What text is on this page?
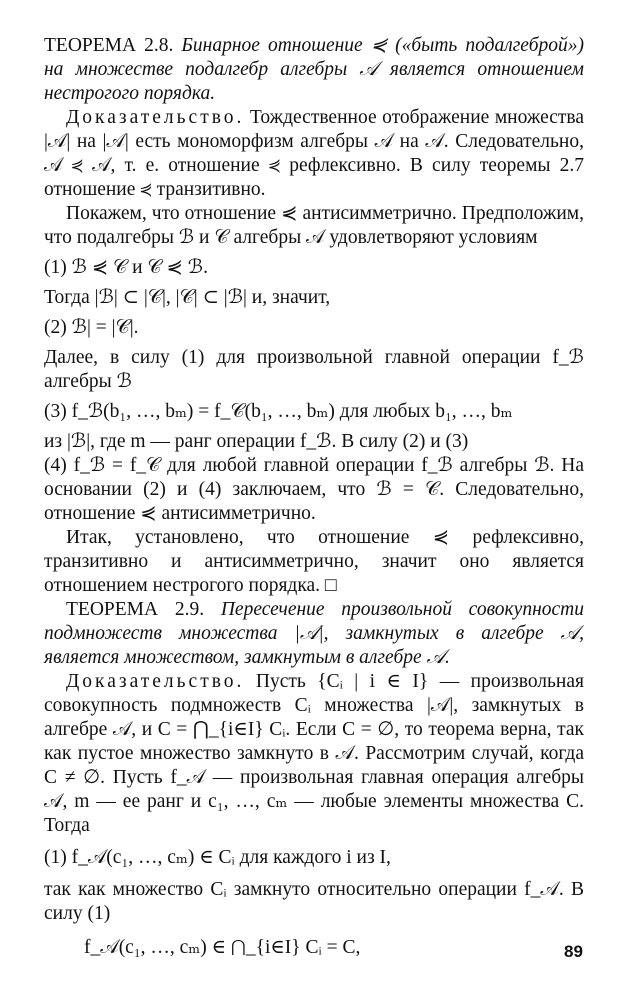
ТЕОРЕМА 2.8. Бинарное отношение ⋞ («быть подалгеброй») на множестве подалгебр алгебры 𝒜 является отношением нестрогого порядка.

Доказательство. Тождественное отображение множества |𝒜| на |𝒜| есть мономорфизм алгебры 𝒜 на 𝒜. Следовательно, 𝒜 ⋞ 𝒜, т. е. отношение ⋞ рефлексивно. В силу теоремы 2.7 отношение ⋞ транзитивно.

Покажем, что отношение ⋞ антисимметрично. Предположим, что подалгебры ℬ и 𝒞 алгебры 𝒜 удовлетворяют условиям

(1) ℬ ⋞ 𝒞 и 𝒞 ⋞ ℬ.

Тогда |ℬ| ⊂ |𝒞|, |𝒞| ⊂ |ℬ| и, значит,

(2) ℬ| = |𝒞|.

Далее, в силу (1) для произвольной главной операции f_ℬ алгебры ℬ

(3) f_ℬ(b₁, …, bₘ) = f_𝒞(b₁, …, bₘ) для любых b₁, …, bₘ

из |ℬ|, где m — ранг операции f_ℬ. В силу (2) и (3)

(4) f_ℬ = f_𝒞 для любой главной операции f_ℬ алгебры ℬ. На основании (2) и (4) заключаем, что ℬ = 𝒞. Следовательно, отношение ⋞ антисимметрично.

Итак, установлено, что отношение ⋞ рефлексивно, транзитивно и антисимметрично, значит оно является отношением нестрогого порядка. □

ТЕОРЕМА 2.9. Пересечение произвольной совокупности подмножеств множества |𝒜|, замкнутых в алгебре 𝒜, является множеством, замкнутым в алгебре 𝒜.

Доказательство. Пусть {Cᵢ | i ∈ I} — произвольная совокупность подмножеств Cᵢ множества |𝒜|, замкнутых в алгебре 𝒜, и C = ⋂_{i∈I} Cᵢ. Если C = ∅, то теорема верна, так как пустое множество замкнуто в 𝒜. Рассмотрим случай, когда C ≠ ∅. Пусть f_𝒜 — произвольная главная операция алгебры 𝒜, m — ее ранг и c₁, …, cₘ — любые элементы множества C. Тогда

(1) f_𝒜(c₁, …, cₘ) ∈ Cᵢ для каждого i из I,

так как множество Cᵢ замкнуто относительно операции f_𝒜. В силу (1)

f_𝒜(c₁, …, cₘ) ∈ ⋂_{i∈I} Cᵢ = C,	89
